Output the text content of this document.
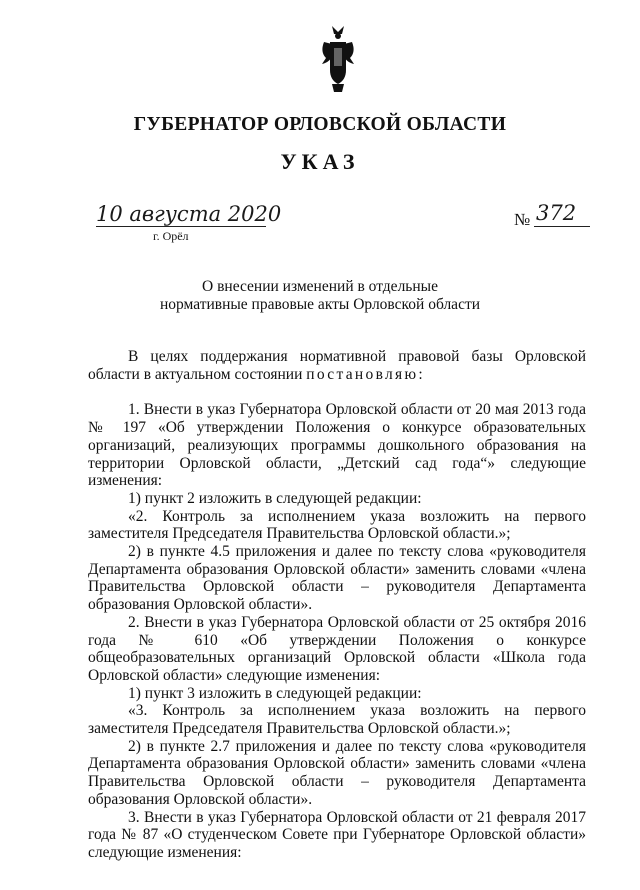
ГУБЕРНАТОР ОРЛОВСКОЙ ОБЛАСТИ
УКАЗ
10 августа 2020
г. Орёл
№ 372
О внесении изменений в отдельные
нормативные правовые акты Орловской области

В целях поддержания нормативной правовой базы Орловской области в актуальном состоянии постановляю:

1. Внести в указ Губернатора Орловской области от 20 мая 2013 года № 197 «Об утверждении Положения о конкурсе образовательных организаций, реализующих программы дошкольного образования на территории Орловской области, „Детский сад года“» следующие изменения:

1) пункт 2 изложить в следующей редакции:

«2. Контроль за исполнением указа возложить на первого заместителя Председателя Правительства Орловской области.»;

2) в пункте 4.5 приложения и далее по тексту слова «руководителя Департамента образования Орловской области» заменить словами «члена Правительства Орловской области – руководителя Департамента образования Орловской области».

2. Внести в указ Губернатора Орловской области от 25 октября 2016 года № 610 «Об утверждении Положения о конкурсе общеобразовательных организаций Орловской области «Школа года Орловской области» следующие изменения:

1) пункт 3 изложить в следующей редакции:

«3. Контроль за исполнением указа возложить на первого заместителя Председателя Правительства Орловской области.»;

2) в пункте 2.7 приложения и далее по тексту слова «руководителя Департамента образования Орловской области» заменить словами «члена Правительства Орловской области – руководителя Департамента образования Орловской области».

3. Внести в указ Губернатора Орловской области от 21 февраля 2017 года № 87 «О студенческом Совете при Губернаторе Орловской области» следующие изменения:
